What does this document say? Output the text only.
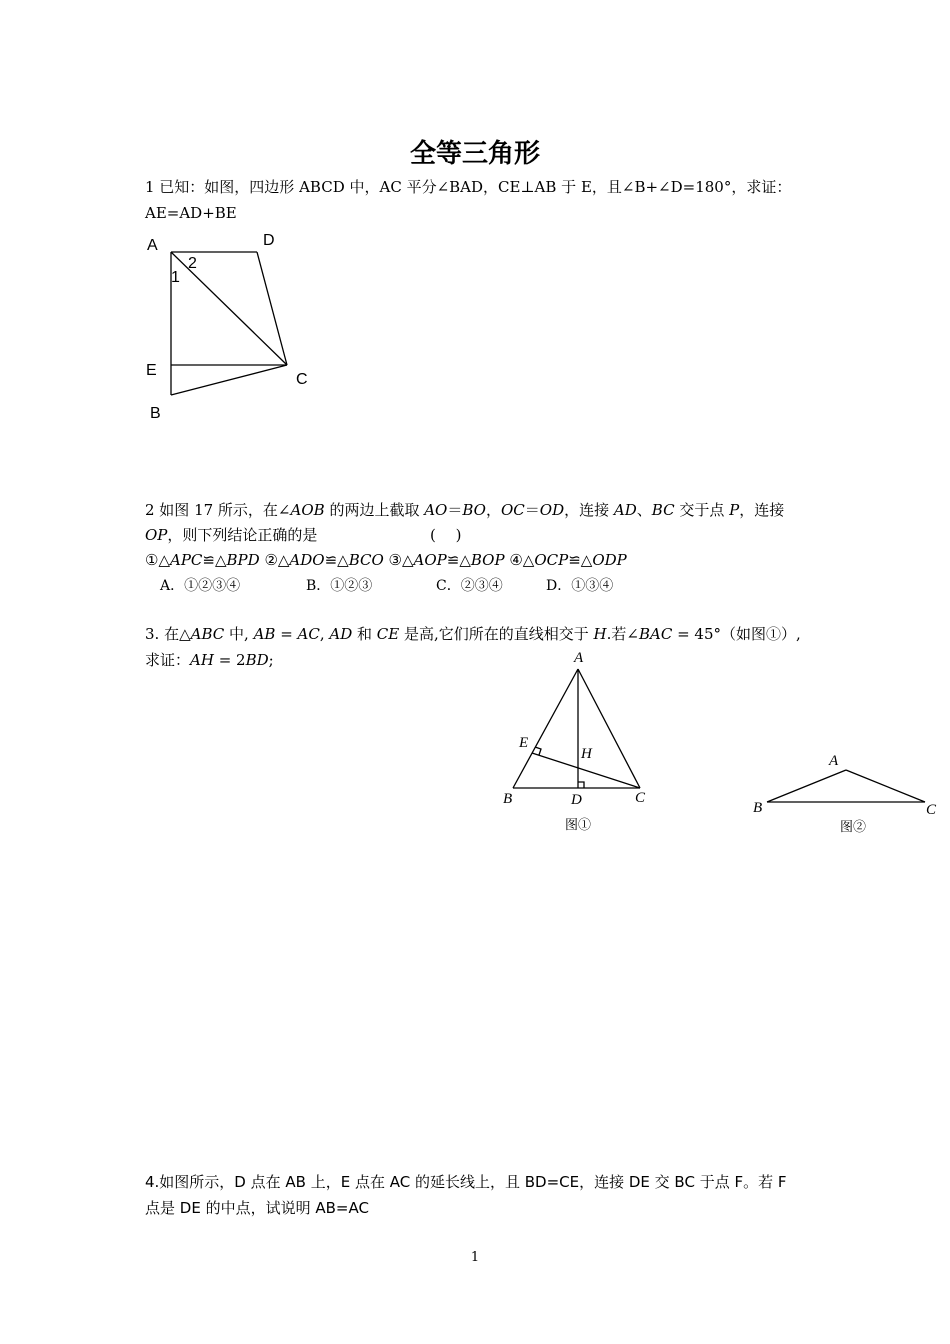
全等三角形
1 已知：如图，四边形 ABCD 中，AC 平分∠BAD，CE⊥AB 于 E，且∠B+∠D=180°，求证：
AE=AD+BE
A	D
1
2
E
C
B
2 如图 17 所示，在∠AOB 的两边上截取 AO＝BO，OC＝OD，连接 AD、BC 交于点 P，连接
OP，则下列结论正确的是	(　 )
①△APC≌△BPD ②△ADO≌△BCO ③△AOP≌△BOP ④△OCP≌△ODP
A．①②③④	B．①②③	C．②③④	D．①③④
3. 在△ABC 中, AB = AC, AD 和 CE 是高,它们所在的直线相交于 H.若∠BAC = 45°（如图①）,
求证：AH = 2BD;	A
E
H
B	D	C
图①
A
B	C
图②
4.如图所示，D 点在 AB 上，E 点在 AC 的延长线上，且 BD=CE，连接 DE 交 BC 于点 F。若 F
点是 DE 的中点，试说明 AB=AC
1
